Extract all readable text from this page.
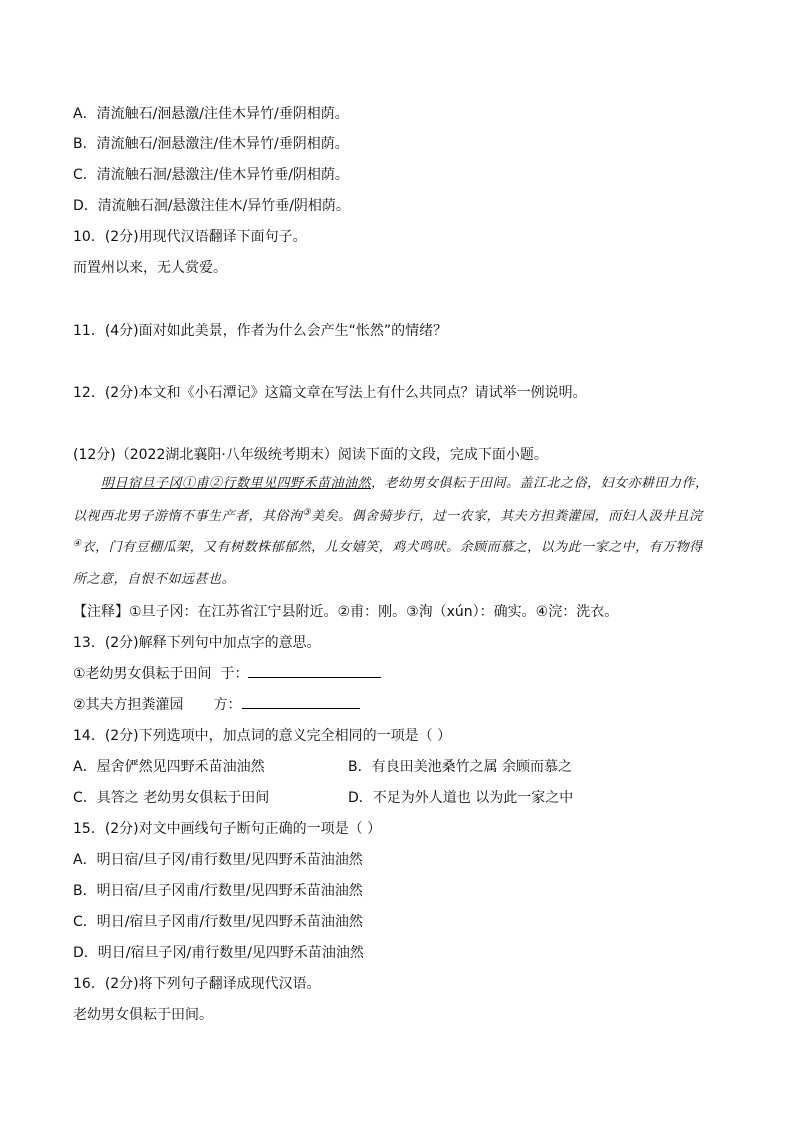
A．清流触石/洄悬激/注佳木异竹/垂阴相荫。
B．清流触石/洄悬激注/佳木异竹/垂阴相荫。
C．清流触石洄/悬激注/佳木异竹垂/阴相荫。
D．清流触石洄/悬激注佳木/异竹垂/阴相荫。
10．(2分)用现代汉语翻译下面句子。
而置州以来，无人赏爱。
11．(4分)面对如此美景，作者为什么会产生“怅然”的情绪？
12．(2分)本文和《小石潭记》这篇文章在写法上有什么共同点？请试举一例说明。
(12分)（2022湖北襄阳·八年级统考期末）阅读下面的文段，完成下面小题。
明日宿旦子冈①甫②行数里见四野禾苗油油然，老幼男女俱耘于田间。盖江北之俗，妇女亦耕田力作，
以视西北男子游惰不事生产者，其俗洵③美矣。偶舍骑步行，过一农家，其夫方担粪灌园，而妇人汲井且浣
④衣，门有豆棚瓜架，又有树数株郁郁然，儿女嬉笑，鸡犬鸣吠。余顾而慕之，以为此一家之中，有万物得
所之意，自恨不如远甚也。
【注释】①旦子冈：在江苏省江宁县附近。②甫：刚。③洵（xún）：确实。④浣：洗衣。
13．(2分)解释下列句中加点字的意思。
①老幼男女俱耘于田间 于：
②其夫方担粪灌园 方：
14．(2分)下列选项中，加点词的意义完全相同的一项是（ ）
A．屋舍俨然见四野禾苗油油然	B．有良田美池桑竹之属 余顾而慕之
C．具答之 老幼男女俱耘于田间	D．不足为外人道也 以为此一家之中
15．(2分)对文中画线句子断句正确的一项是（ ）
A．明日宿/旦子冈/甫行数里/见四野禾苗油油然
B．明日宿/旦子冈甫/行数里/见四野禾苗油油然
C．明日/宿旦子冈甫/行数里/见四野禾苗油油然
D．明日/宿旦子冈/甫行数里/见四野禾苗油油然
16．(2分)将下列句子翻译成现代汉语。
老幼男女俱耘于田间。
